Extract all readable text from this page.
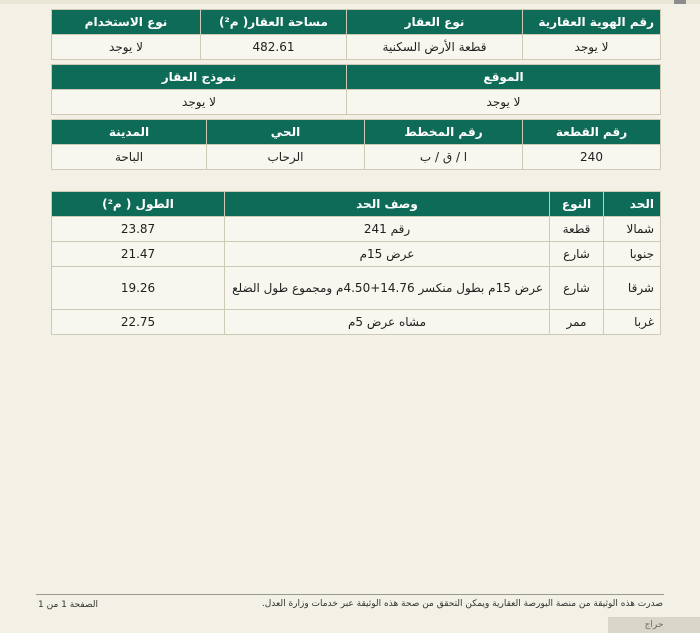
رقم الهوية العقارية	نوع العقار	مساحة العقار( م²)	نوع الاستخدام
لا يوجد	قطعة الأرض السكنية	482.61	لا يوجد
الموقع	نموذج العقار
لا يوجد	لا يوجد
رقم القطعة	رقم المخطط	الحي	المدينة
240	ا / ق / ب	الرحاب	الباحة
الحد	النوع	وصف الحد	الطول ( م²)
شمالا	قطعة	رقم 241	23.87
جنوبا	شارع	عرض 15م	21.47
شرقا	شارع	عرض 15م بطول منكسر 14.76+4.50م ومجموع طول الضلع	19.26
غربا	ممر	مشاه عرض 5م	22.75
صدرت هذه الوثيقة من منصة البورصة العقارية ويمكن التحقق من صحة هذه الوثيقة عبر خدمات وزارة العدل.
الصفحة 1 من 1
حراج
